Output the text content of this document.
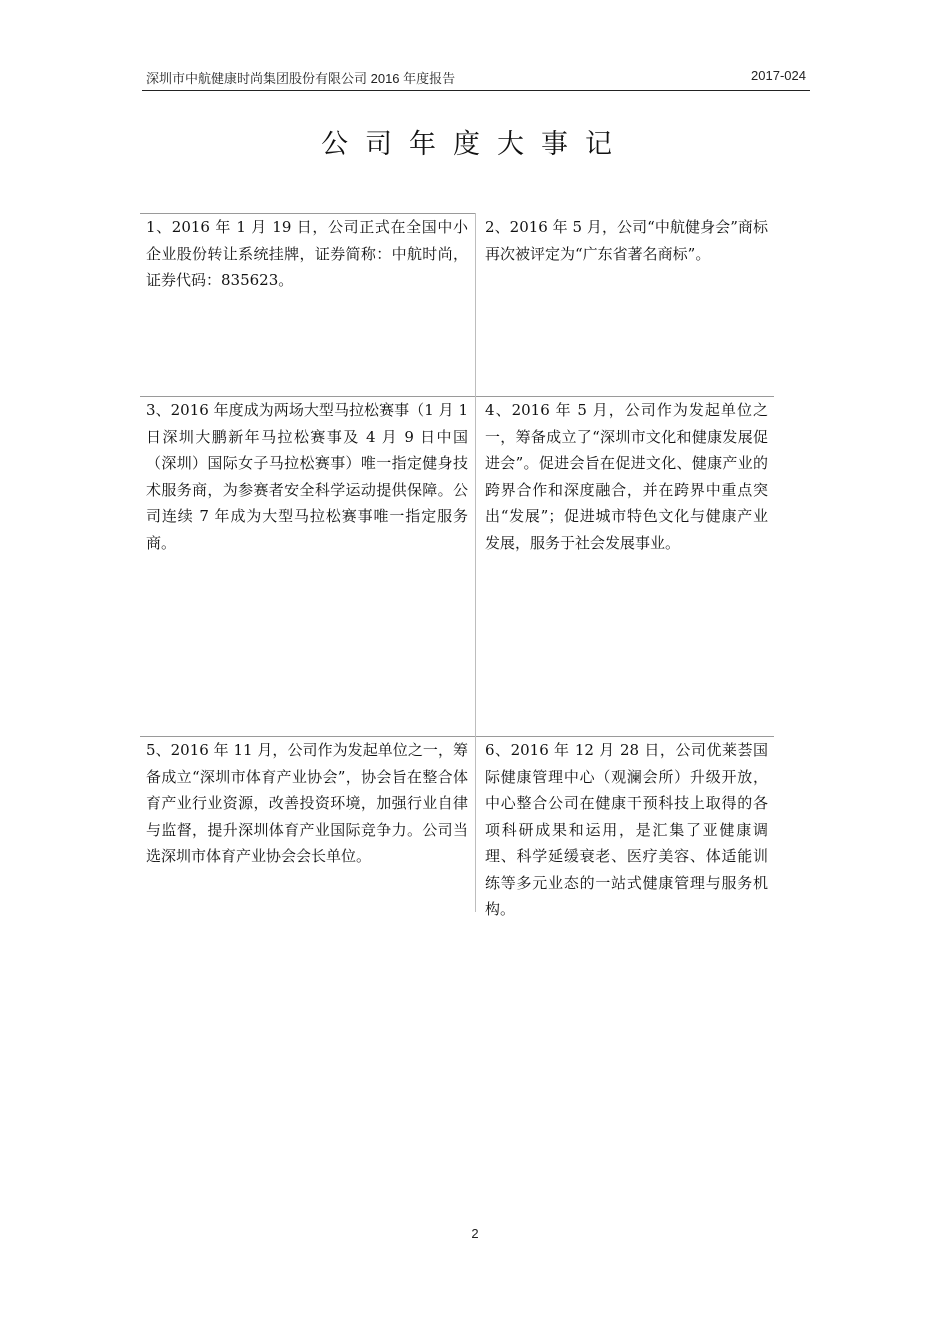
深圳市中航健康时尚集团股份有限公司 2016 年度报告	2017-024
公司年度大事记
1、2016 年 1 月 19 日，公司正式在全国中小企业股份转让系统挂牌，证券简称：中航时尚，证券代码：835623。
2、2016 年 5 月，公司“中航健身会”商标再次被评定为“广东省著名商标”。
3、2016 年度成为两场大型马拉松赛事（1 月 1 日深圳大鹏新年马拉松赛事及 4 月 9 日中国（深圳）国际女子马拉松赛事）唯一指定健身技术服务商，为参赛者安全科学运动提供保障。公司连续 7 年成为大型马拉松赛事唯一指定服务商。
4、2016 年 5 月，公司作为发起单位之一，筹备成立了“深圳市文化和健康发展促进会”。促进会旨在促进文化、健康产业的跨界合作和深度融合，并在跨界中重点突出“发展”；促进城市特色文化与健康产业发展，服务于社会发展事业。
5、2016 年 11 月，公司作为发起单位之一，筹备成立“深圳市体育产业协会”，协会旨在整合体育产业行业资源，改善投资环境，加强行业自律与监督，提升深圳体育产业国际竞争力。公司当选深圳市体育产业协会会长单位。
6、2016 年 12 月 28 日，公司优莱荟国际健康管理中心（观澜会所）升级开放，中心整合公司在健康干预科技上取得的各项科研成果和运用，是汇集了亚健康调理、科学延缓衰老、医疗美容、体适能训练等多元业态的一站式健康管理与服务机构。
2
